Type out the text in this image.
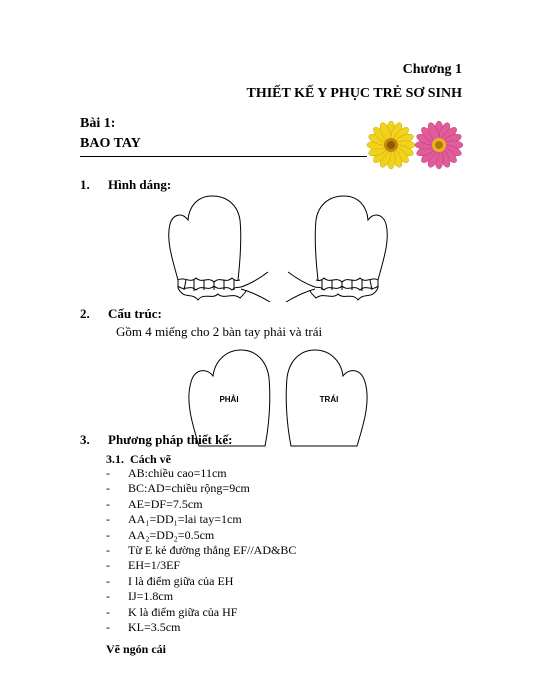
Chương 1
THIẾT KẾ Y PHỤC TRẺ SƠ SINH
Bài 1:
BAO TAY
1. Hình dáng:
2. Cấu trúc:
Gồm 4 miếng cho 2 bàn tay phải và trái
PHẢI	TRÁI
3. Phương pháp thiết kế:
3.1.  Cách vẽ
- AB:chiều cao=11cm
- BC:AD=chiều rộng=9cm
- AE=DF=7.5cm
- AA₁=DD₁=lai tay=1cm
- AA₂=DD₂=0.5cm
- Từ E kẻ đường thẳng EF//AD&BC
- EH=1/3EF
- I là điểm giữa của EH
- IJ=1.8cm
- K là điểm giữa của HF
- KL=3.5cm
Vẽ ngón cái
